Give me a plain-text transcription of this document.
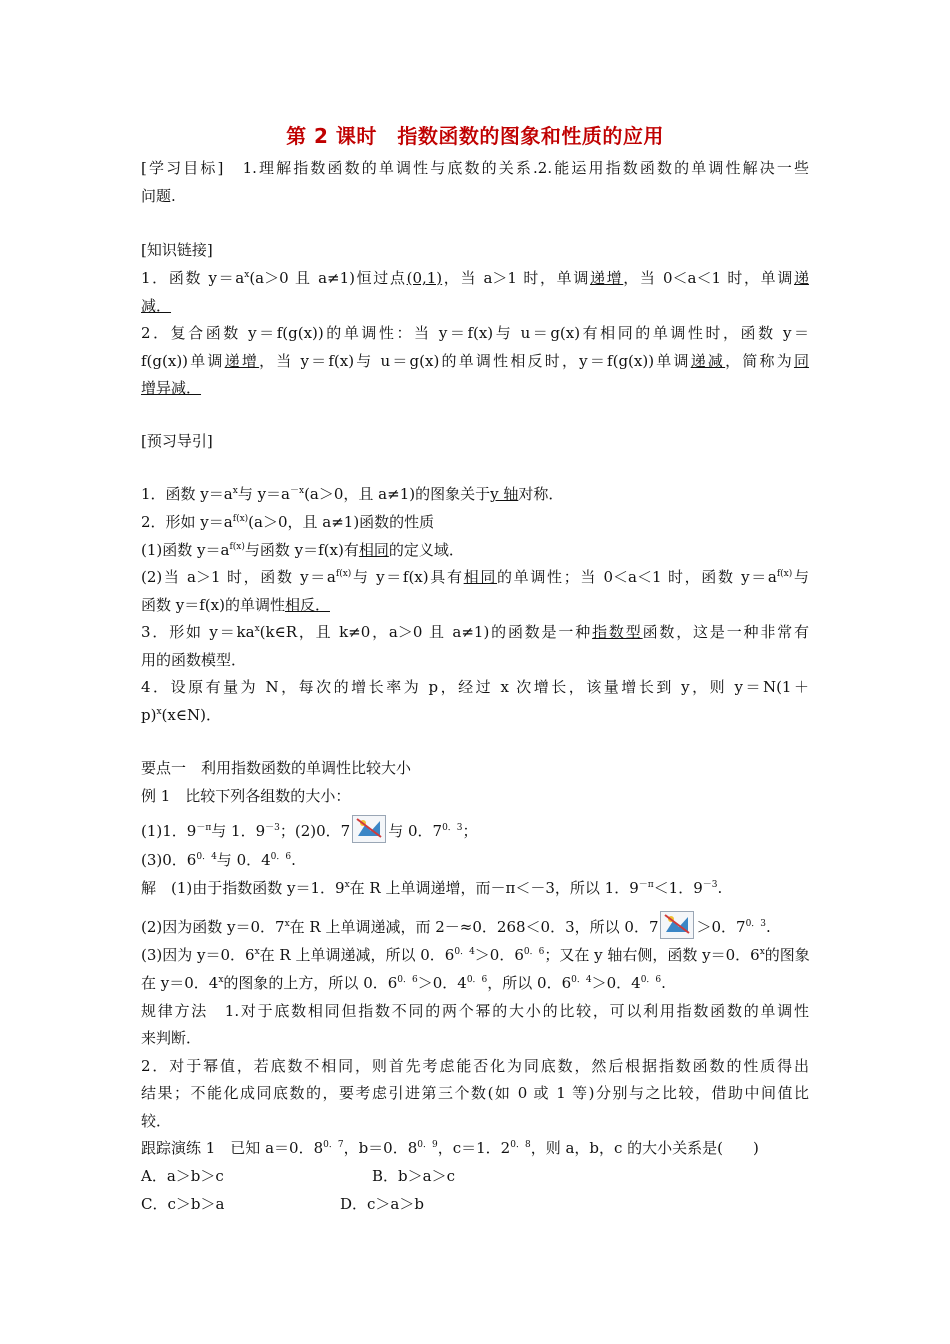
第 2 课时　指数函数的图象和性质的应用
[学习目标]　1.理解指数函数的单调性与底数的关系.2.能运用指数函数的单调性解决一些
问题.
[知识链接]
1．函数 $y=a^x(a>0$ 且 a≠1)恒过点(0,1)，当 a＞1 时，单调递增，当 0＜a＜1 时，单调递
减．
2．复合函数 y＝f(g(x))的单调性：当 y＝f(x)与 u＝g(x)有相同的单调性时，函数 y＝
f(g(x))单调递增，当 y＝f(x)与 u＝g(x)的单调性相反时，y＝f(g(x))单调递减，简称为同
增异减．
[预习导引]
1．函数 $y=a^x$与 $y=a^{-x}(a>0$，且 a≠1)的图象关于y 轴对称．
2．形如 $y=a^{f(x)}(a>0$，且 a≠1)函数的性质
(1)函数 $y=a^{f(x)}$与函数 y＝f(x)有相同的定义域．
(2)当 a＞1 时，函数 $y=a^{f(x)}$与 y＝f(x)具有相同的单调性；当 0＜a＜1 时，函数 $y=a^{f(x)}$与
函数 y＝f(x)的单调性相反．
3．形如 $y=ka^x(k\in R$，且 k≠0，a＞0 且 a≠1)的函数是一种指数型函数，这是一种非常有
用的函数模型．
4．设原有量为 N，每次的增长率为 p，经过 x 次增长，该量增长到 y，则 y＝N(1＋
p)$^x$(x∈N)．
要点一　利用指数函数的单调性比较大小
例 1　比较下列各组数的大小：
(1)1．$9^{-\pi}$与 1．$9^{-3}$；(2)0．7	与 0．$7^{0.3}$；
(3)0．$6^{0.4}$与 0．$4^{0.6}$.
解　(1)由于指数函数 y＝1．9$^x$在 R 上单调递增，而－π＜－3，所以 1．$9^{-\pi}<1$．$9^{-3}$.
(2)因为函数 y＝0．7$^x$在 R 上单调递减，而 2－≈0．268＜0．3，所以 0．7	＞0．$7^{0.3}$.
(3)因为 y＝0．6$^x$在 R 上单调递减，所以 0．$6^{0.4}>0$．$6^{0.6}$；又在 y 轴右侧，函数 y＝0．6$^x$的图象
在 y＝0．4$^x$的图象的上方，所以 0．$6^{0.6}>0$．$4^{0.6}$，所以 0．$6^{0.4}>0$．$4^{0.6}$.
规律方法　1.对于底数相同但指数不同的两个幂的大小的比较，可以利用指数函数的单调性
来判断．
2．对于幂值，若底数不相同，则首先考虑能否化为同底数，然后根据指数函数的性质得出
结果；不能化成同底数的，要考虑引进第三个数(如 0 或 1 等)分别与之比较，借助中间值比
较．
跟踪演练 1　已知 a＝0．$8^{0.7}$，b＝0．$8^{0.9}$，c＝1．$2^{0.8}$，则 a，b，c 的大小关系是(　　)
A．a＞b＞c	B．b＞a＞c
C．c＞b＞a	D．c＞a＞b
